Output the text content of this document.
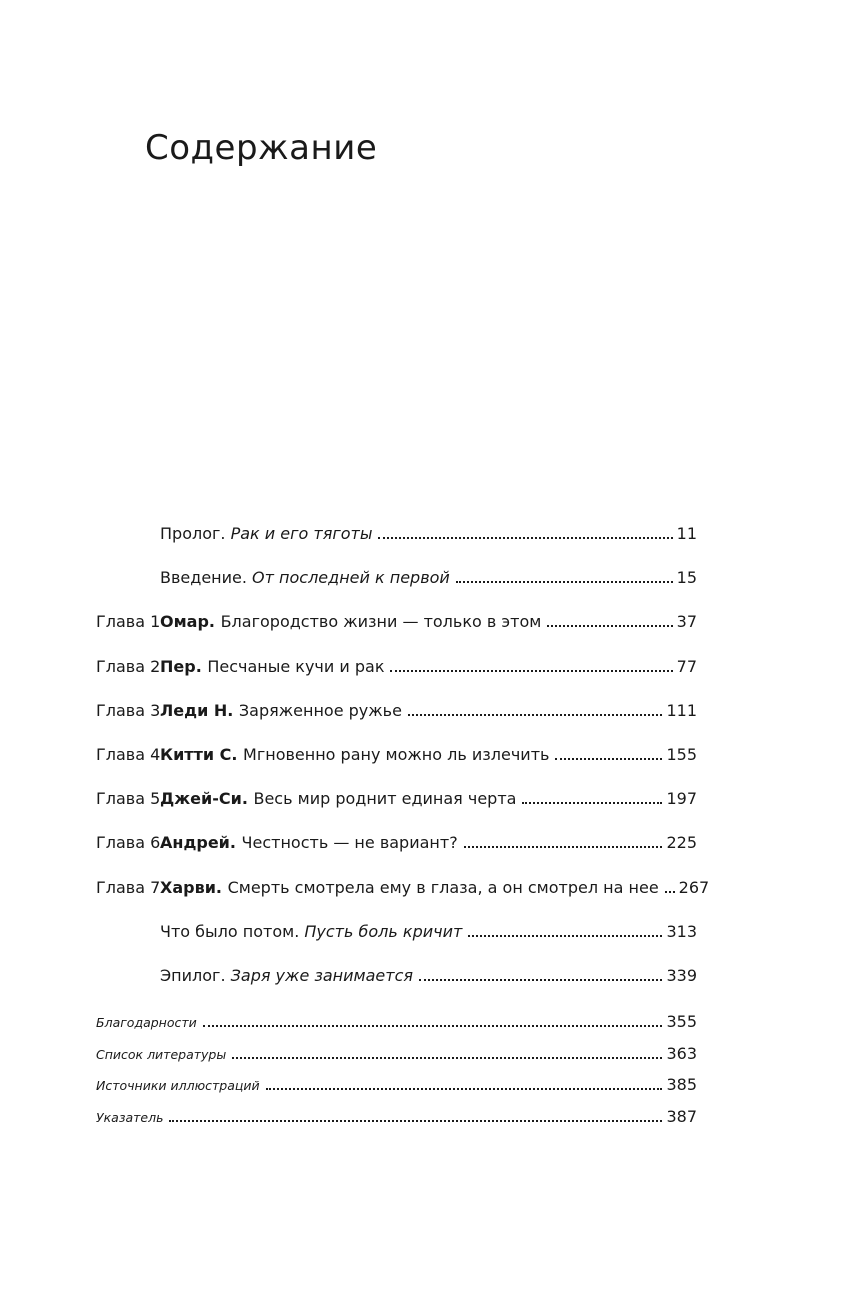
Содержание
Пролог. Рак и его тяготы	11
Введение. От последней к первой	15
Глава 1 Омар. Благородство жизни — только в этом	37
Глава 2 Пер. Песчаные кучи и рак	77
Глава 3 Леди Н. Заряженное ружье	111
Глава 4 Китти С. Мгновенно рану можно ль излечить	155
Глава 5 Джей-Си. Весь мир роднит единая черта	197
Глава 6 Андрей. Честность — не вариант?	225
Глава 7 Харви. Смерть смотрела ему в глаза, а он смотрел на нее	267
Что было потом. Пусть боль кричит	313
Эпилог. Заря уже занимается	339
Благодарности	355
Список литературы	363
Источники иллюстраций	385
Указатель	387
